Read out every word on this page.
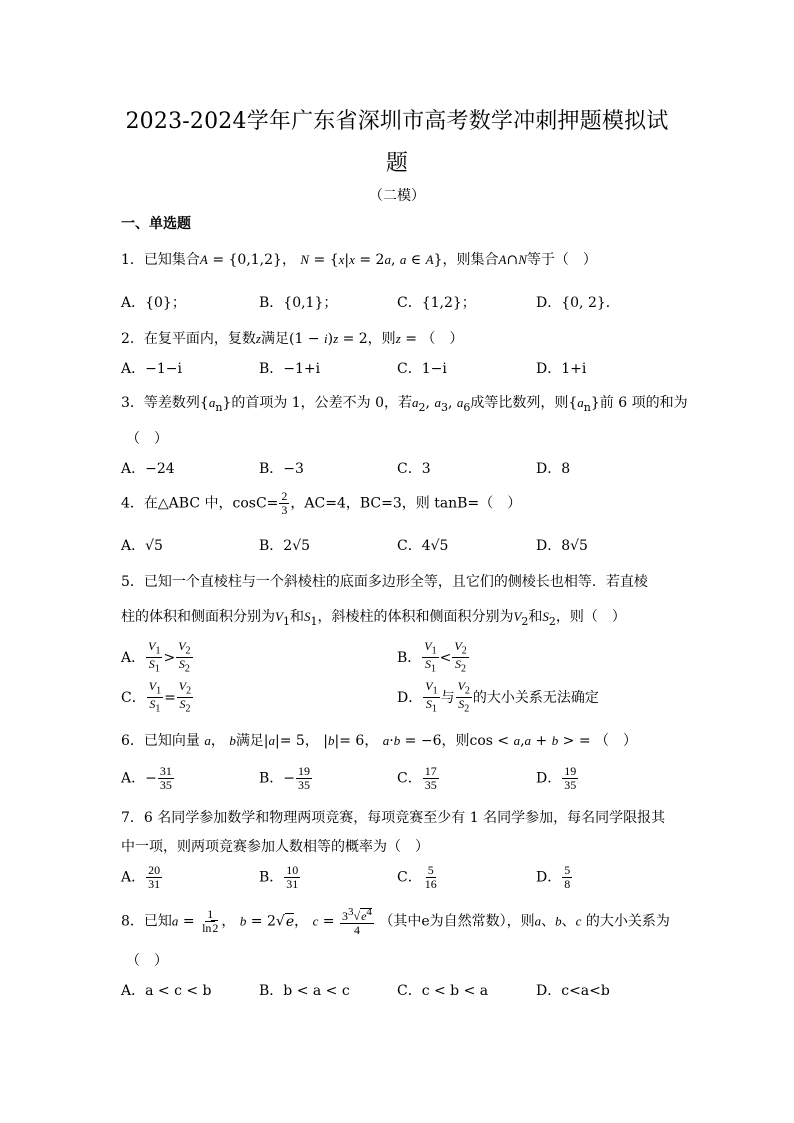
2023-2024学年广东省深圳市高考数学冲刺押题模拟试
题
（二模）
一、单选题
1．已知集合A = {0,1,2}， N = {x|x = 2a, a ∈ A}，则集合A∩N等于（　）
A．{0}；	B．{0,1}；	C．{1,2}；	D．{0, 2}．
2．在复平面内，复数z满足(1 − i)z = 2，则z = （　）
A．−1−i	B．−1+i	C．1−i	D．1+i
3．等差数列$\{a_n\}$的首项为 1，公差不为 0，若$a_2$, $a_3$, $a_6$成等比数列，则$\{a_n\}$前 6 项的和为
（　）
A．−24	B．−3	C．3	D．8
4．在△ABC 中，$\cos C= \frac{2}{3}$ ，AC=4，BC=3，则 tanB=（　）
A．√5	B．2√5	C．4√5	D．8√5
5．已知一个直棱柱与一个斜棱柱的底面多边形全等，且它们的侧棱长也相等．若直棱
柱的体积和侧面积分别为$V_1$和$S_1$，斜棱柱的体积和侧面积分别为$V_2$和$S_2$，则（　）
A． $\frac{V_1}{S_1} > \frac{V_2}{S_2}$	B． $\frac{V_1}{S_1} < \frac{V_2}{S_2}$
C． $\frac{V_1}{S_1} = \frac{V_2}{S_2}$	D． $\frac{V_1}{S_1}$ 与 $\frac{V_2}{S_2}$ 的大小关系无法确定
6．已知向量 a， b满足|a|= 5， |b|= 6， a·b = −6，则cos < a,a + b > = （　）
A．− $\frac{31}{35}$	B．− $\frac{19}{35}$	C． $\frac{17}{35}$	D． $\frac{19}{35}$
7．6 名同学参加数学和物理两项竞赛，每项竞赛至少有 1 名同学参加，每名同学限报其
中一项，则两项竞赛参加人数相等的概率为（　）
A． $\frac{20}{31}$	B． $\frac{10}{31}$	C． $\frac{5}{16}$	D． $\frac{5}{8}$
8．已知$a = \frac{1}{\ln 2}$ ， b = 2√e， $c = \frac{3^3√e^4}{4}$ （其中e为自然常数），则a、b、c 的大小关系为
（　）
A．a < c < b	B．b < a < c	C．c < b < a	D．c<a<b
